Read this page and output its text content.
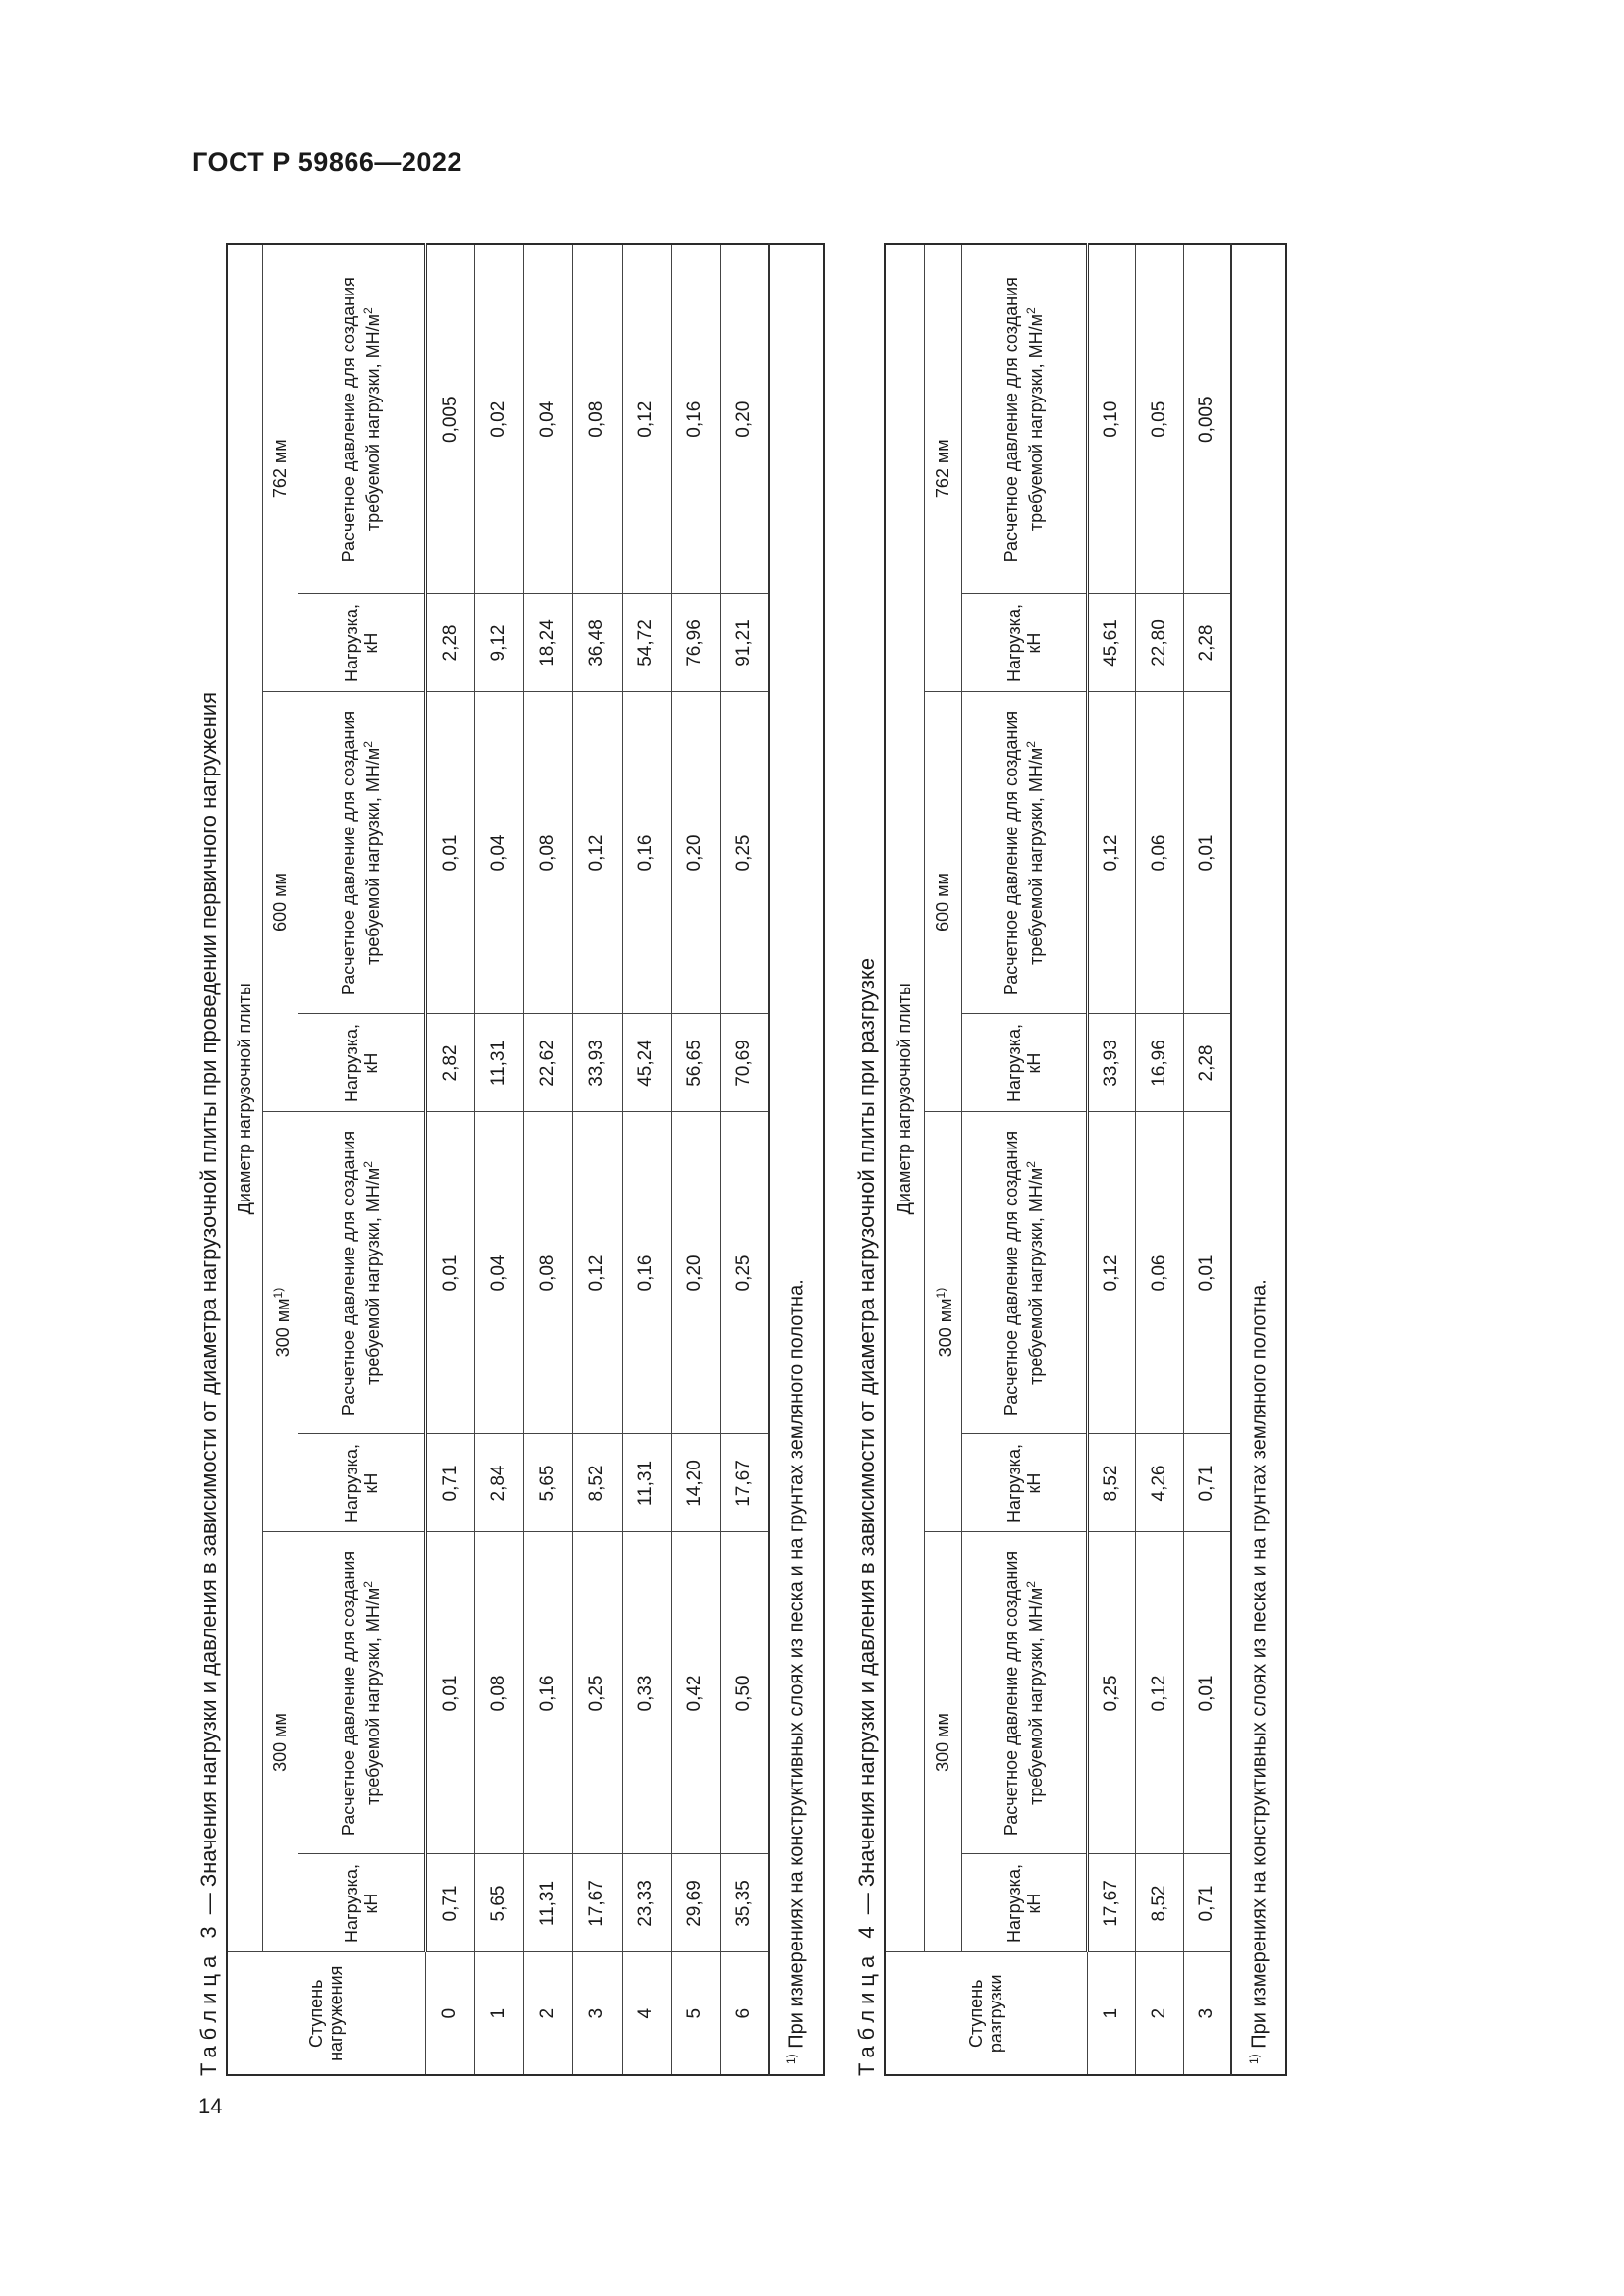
ГОСТ Р 59866—2022
14
Таблица 3 — Значения нагрузки и давления в зависимости от диаметра нагрузочной плиты при проведении первичного нагружения
Ступень нагружения	Диаметр нагрузочной плиты							
	300 мм		300 $мм^{1)}$		600 мм		762 мм	
	Нагрузка, кН	Расчетное давление для создания требуемой нагрузки, $МН/м^2$	Нагрузка, кН	Расчетное давление для создания требуемой нагрузки, $МН/м^2$	Нагрузка, кН	Расчетное давление для создания требуемой нагрузки, $МН/м^2$	Нагрузка, кН	Расчетное давление для создания требуемой нагрузки, $МН/м^2$
0	0,71	0,01	0,71	0,01	2,82	0,01	2,28	0,005
1	5,65	0,08	2,84	0,04	11,31	0,04	9,12	0,02
2	11,31	0,16	5,65	0,08	22,62	0,08	18,24	0,04
3	17,67	0,25	8,52	0,12	33,93	0,12	36,48	0,08
4	23,33	0,33	11,31	0,16	45,24	0,16	54,72	0,12
5	29,69	0,42	14,20	0,20	56,65	0,20	76,96	0,16
6	35,35	0,50	17,67	0,25	70,69	0,25	91,21	0,20
$^{1)}$ При измерениях на конструктивных слоях из песка и на грунтах земляного полотна.								Таблица 4 — Значения нагрузки и давления в зависимости от диаметра нагрузочной плиты при разгрузке
Ступень разгрузки	Диаметр нагрузочной плиты							
	300 мм		300 $мм^{1)}$		600 мм		762 мм	
	Нагрузка, кН	Расчетное давление для создания требуемой нагрузки, $МН/м^2$	Нагрузка, кН	Расчетное давление для создания требуемой нагрузки, $МН/м^2$	Нагрузка, кН	Расчетное давление для создания требуемой нагрузки, $МН/м^2$	Нагрузка, кН	Расчетное давление для создания требуемой нагрузки, $МН/м^2$
1	17,67	0,25	8,52	0,12	33,93	0,12	45,61	0,10
2	8,52	0,12	4,26	0,06	16,96	0,06	22,80	0,05
3	0,71	0,01	0,71	0,01	2,28	0,01	2,28	0,005
$^{1)}$ При измерениях на конструктивных слоях из песка и на грунтах земляного полотна.								
